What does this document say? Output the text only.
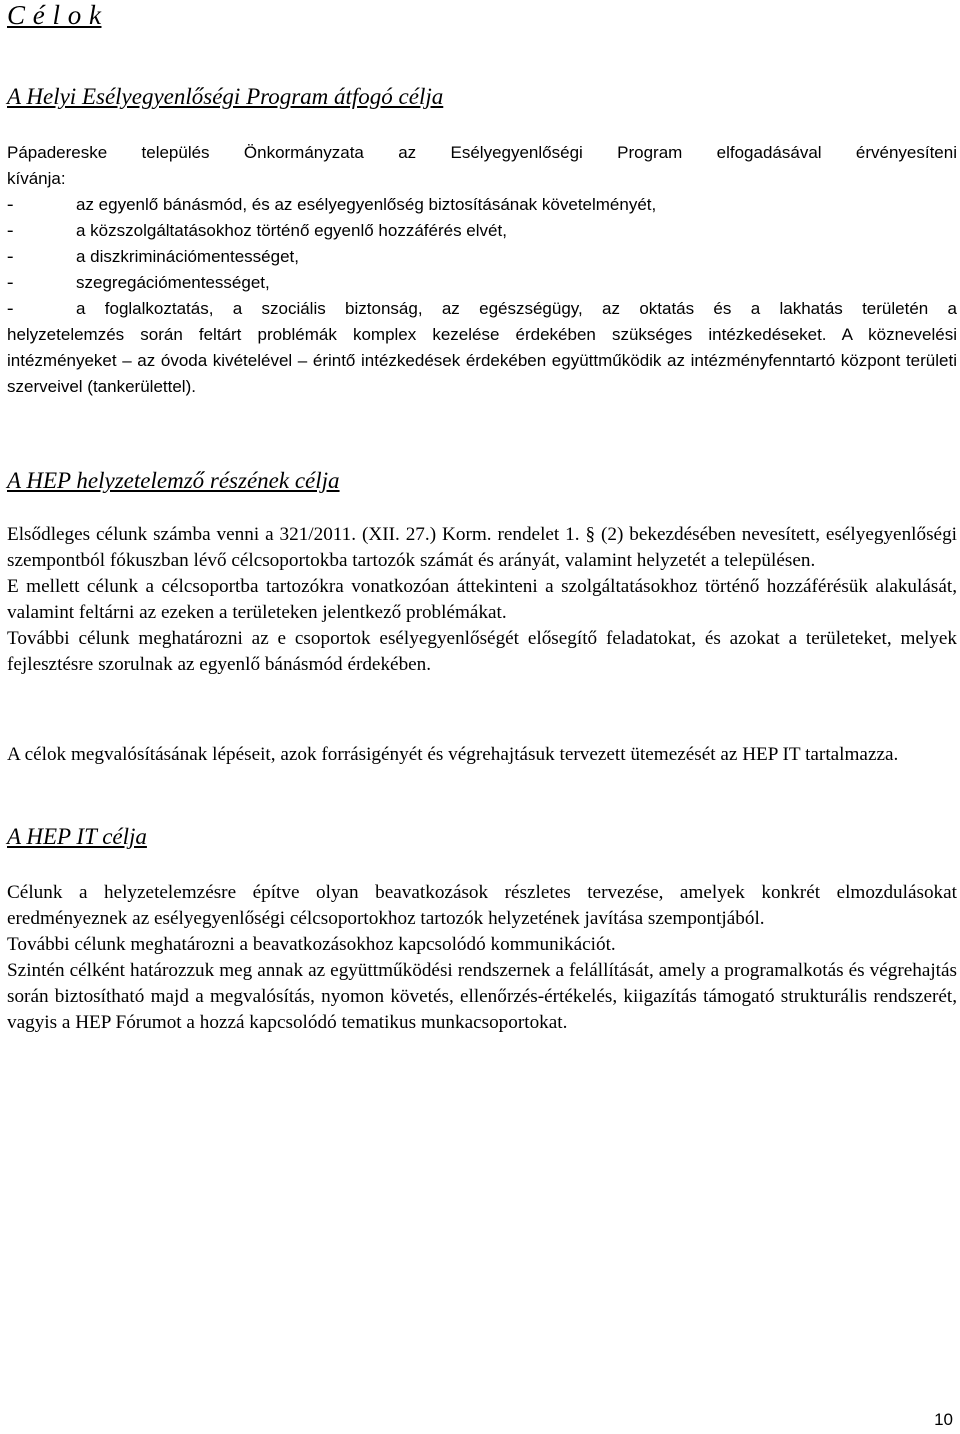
C é l o k
A Helyi Esélyegyenlőségi Program átfogó célja

Pápadereske település Önkormányzata az Esélyegyenlőségi Program elfogadásával érvényesíteni

kívánja:

-	az egyenlő bánásmód, és az esélyegyenlőség biztosításának követelményét,
-	a közszolgáltatásokhoz történő egyenlő hozzáférés elvét,
-	a diszkriminációmentességet,
-	szegregációmentességet,
-	a foglalkoztatás, a szociális biztonság, az egészségügy, az oktatás és a lakhatás területén a

helyzetelemzés során feltárt problémák komplex kezelése érdekében szükséges intézkedéseket. A köznevelési intézményeket – az óvoda kivételével – érintő intézkedések érdekében együttműködik az intézményfenntartó központ területi szerveivel (tankerülettel).

A HEP helyzetelemző részének célja

Elsődleges célunk számba venni a 321/2011. (XII. 27.) Korm. rendelet 1. § (2) bekezdésében nevesített, esélyegyenlőségi szempontból fókuszban lévő célcsoportokba tartozók számát és arányát, valamint helyzetét a településen.

E mellett célunk a célcsoportba tartozókra vonatkozóan áttekinteni a szolgáltatásokhoz történő hozzáférésük alakulását, valamint feltárni az ezeken a területeken jelentkező problémákat.

További célunk meghatározni az e csoportok esélyegyenlőségét elősegítő feladatokat, és azokat a területeket, melyek fejlesztésre szorulnak az egyenlő bánásmód érdekében.

A célok megvalósításának lépéseit, azok forrásigényét és végrehajtásuk tervezett ütemezését az HEP IT tartalmazza.

A HEP IT célja

Célunk a helyzetelemzésre építve olyan beavatkozások részletes tervezése, amelyek konkrét elmozdulásokat eredményeznek az esélyegyenlőségi célcsoportokhoz tartozók helyzetének javítása szempontjából.

További célunk meghatározni a beavatkozásokhoz kapcsolódó kommunikációt.

Szintén célként határozzuk meg annak az együttműködési rendszernek a felállítását, amely a programalkotás és végrehajtás során biztosítható majd a megvalósítás, nyomon követés, ellenőrzés-értékelés, kiigazítás támogató strukturális rendszerét, vagyis a HEP Fórumot a hozzá kapcsolódó tematikus munkacsoportokat.

10
